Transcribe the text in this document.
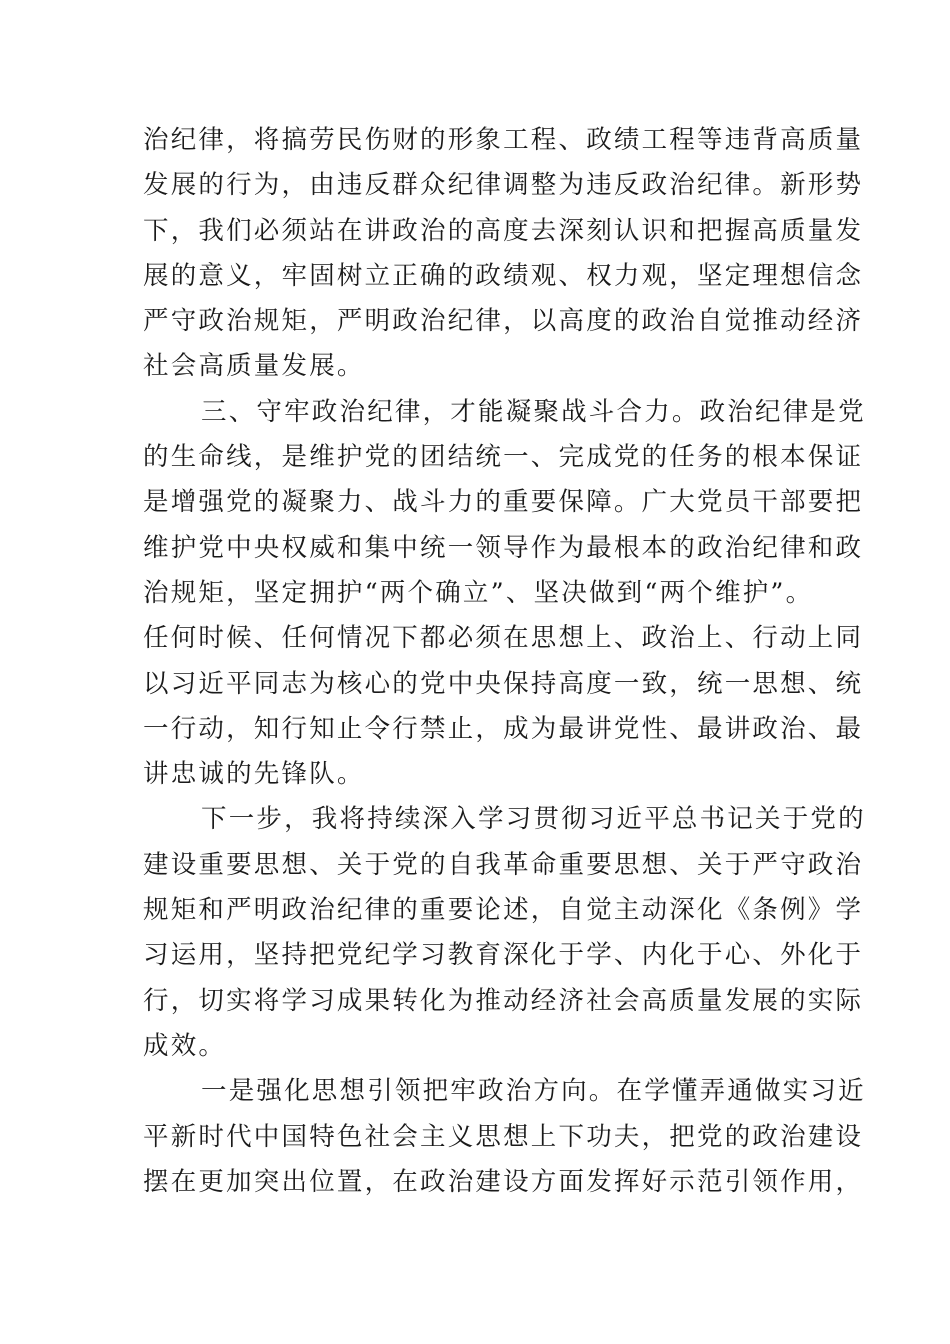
治纪律，将搞劳民伤财的形象工程、政绩工程等违背高质量
发展的行为，由违反群众纪律调整为违反政治纪律。新形势
下，我们必须站在讲政治的高度去深刻认识和把握高质量发
展的意义，牢固树立正确的政绩观、权力观，坚定理想信念
严守政治规矩，严明政治纪律，以高度的政治自觉推动经济
社会高质量发展。
三、守牢政治纪律，才能凝聚战斗合力。政治纪律是党
的生命线，是维护党的团结统一、完成党的任务的根本保证
是增强党的凝聚力、战斗力的重要保障。广大党员干部要把
维护党中央权威和集中统一领导作为最根本的政治纪律和政
治规矩，坚定拥护“两个确立”、坚决做到“两个维护”。
任何时候、任何情况下都必须在思想上、政治上、行动上同
以习近平同志为核心的党中央保持高度一致，统一思想、统
一行动，知行知止令行禁止，成为最讲党性、最讲政治、最
讲忠诚的先锋队。
下一步，我将持续深入学习贯彻习近平总书记关于党的
建设重要思想、关于党的自我革命重要思想、关于严守政治
规矩和严明政治纪律的重要论述，自觉主动深化《条例》学
习运用，坚持把党纪学习教育深化于学、内化于心、外化于
行，切实将学习成果转化为推动经济社会高质量发展的实际
成效。
一是强化思想引领把牢政治方向。在学懂弄通做实习近
平新时代中国特色社会主义思想上下功夫，把党的政治建设
摆在更加突出位置，在政治建设方面发挥好示范引领作用，
